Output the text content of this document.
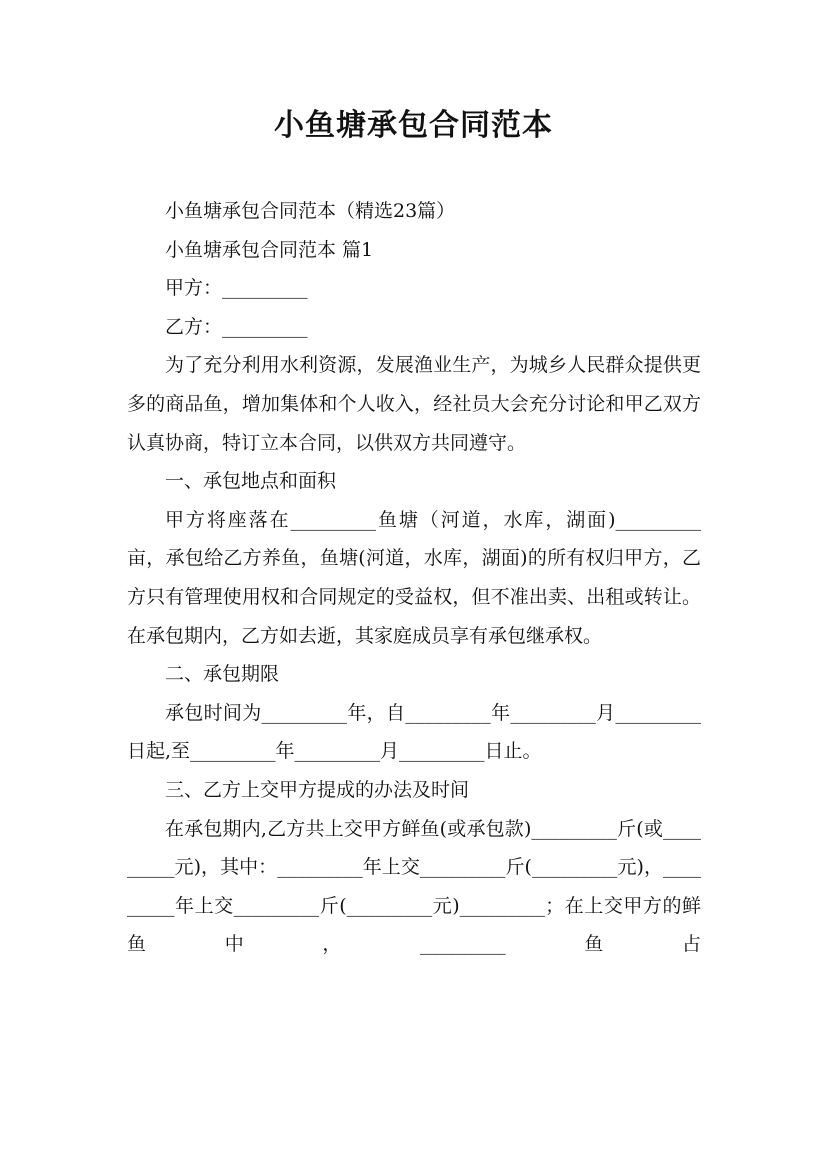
小鱼塘承包合同范本

小鱼塘承包合同范本（精选23篇）

小鱼塘承包合同范本 篇1

甲方：_________

乙方：_________

为了充分利用水利资源，发展渔业生产，为城乡人民群众提供更多的商品鱼，增加集体和个人收入，经社员大会充分讨论和甲乙双方认真协商，特订立本合同，以供双方共同遵守。

一、承包地点和面积

甲方将座落在_________鱼塘（河道，水库，湖面)_________亩，承包给乙方养鱼，鱼塘(河道，水库，湖面)的所有权归甲方，乙方只有管理使用权和合同规定的受益权，但不准出卖、出租或转让。在承包期内，乙方如去逝，其家庭成员享有承包继承权。

二、承包期限

承包时间为_________年，自_________年_________月_________日起,至_________年_________月_________日止。

三、乙方上交甲方提成的办法及时间

在承包期内,乙方共上交甲方鲜鱼(或承包款)_________斤(或_________元)，其中：_________年上交_________斤(_________元)，_________年上交_________斤(_________元)_________；在上交甲方的鲜鱼中，_________鱼占
